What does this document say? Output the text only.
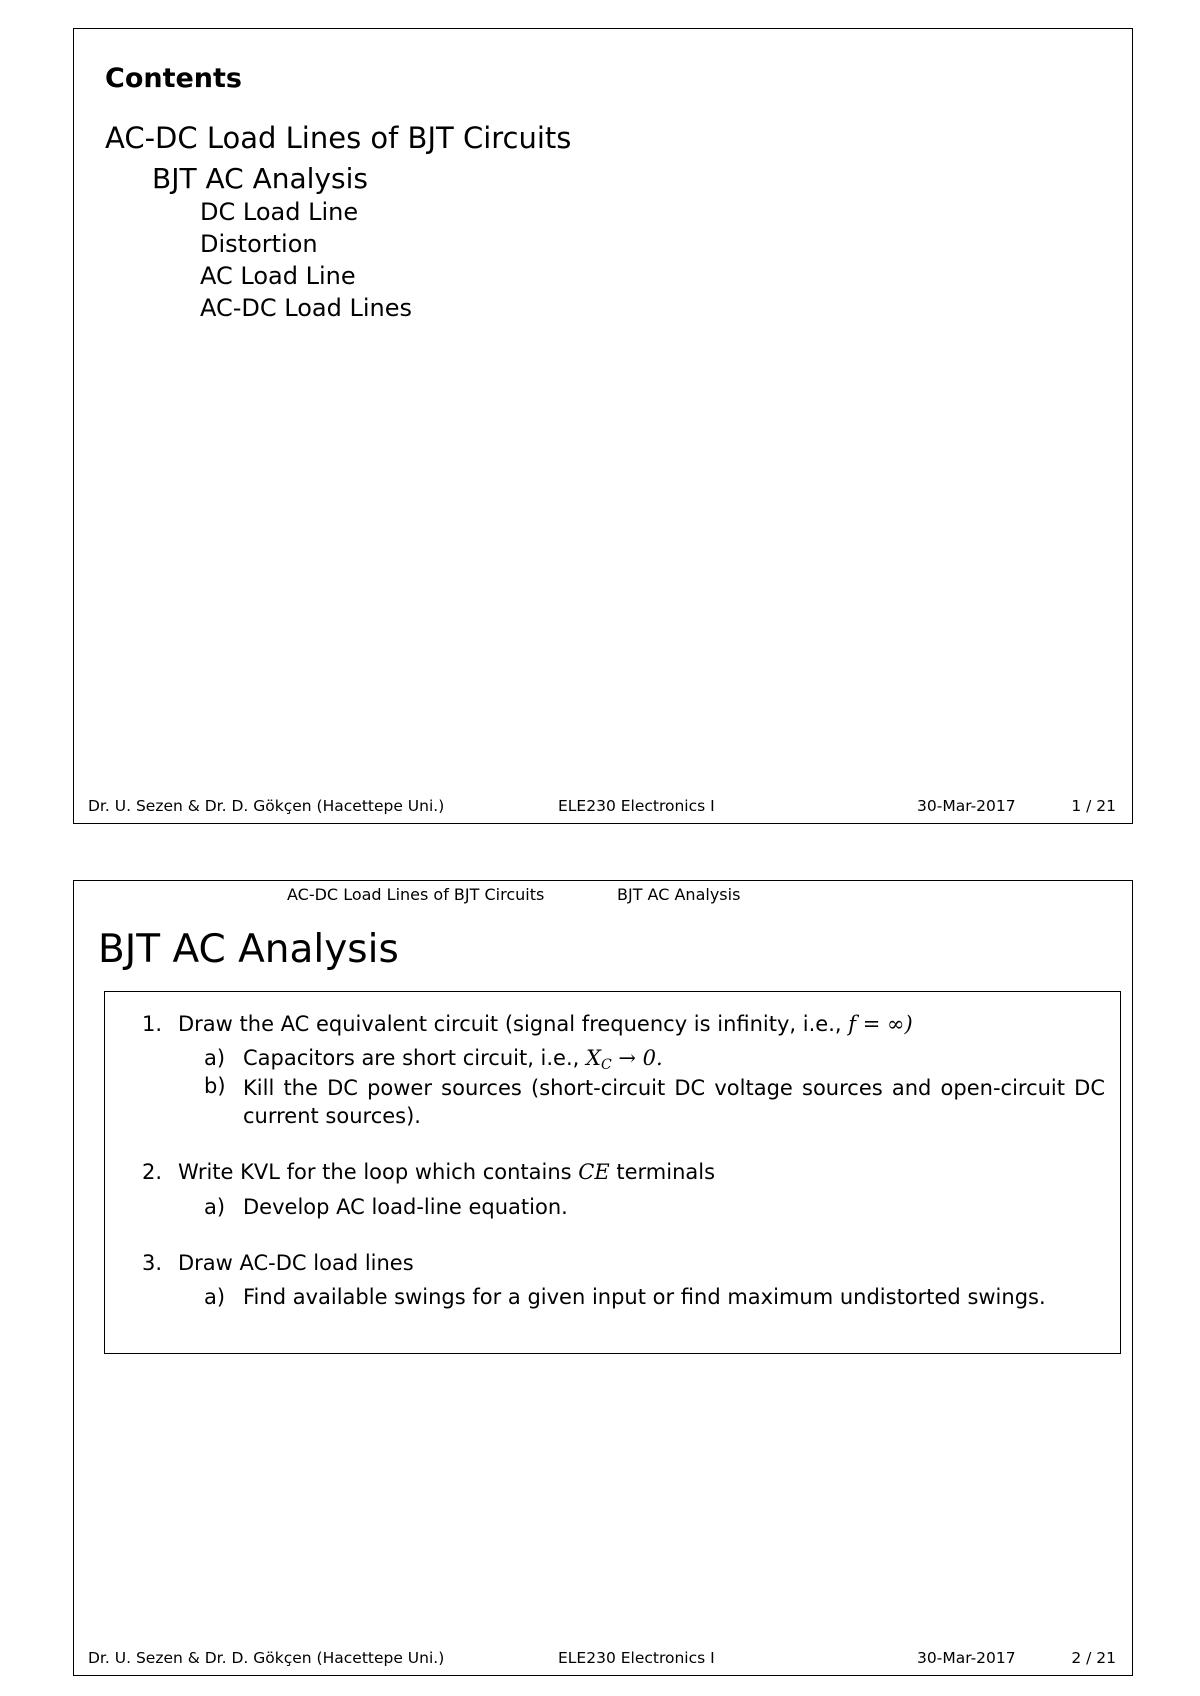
Contents
AC-DC Load Lines of BJT Circuits
BJT AC Analysis
DC Load Line
Distortion
AC Load Line
AC-DC Load Lines
Dr. U. Sezen & Dr. D. Gökçen (Hacettepe Uni.)	ELE230 Electronics I	30-Mar-2017	1 / 21
AC-DC Load Lines of BJT Circuits	BJT AC Analysis
BJT AC Analysis
1. Draw the AC equivalent circuit (signal frequency is infinity, i.e., f = ∞)
a) Capacitors are short circuit, i.e., $X_C \to 0$.
b) Kill the DC power sources (short-circuit DC voltage sources and open-circuit DC current sources).
2. Write KVL for the loop which contains CE terminals
a) Develop AC load-line equation.
3. Draw AC-DC load lines
a) Find available swings for a given input or find maximum undistorted swings.
Dr. U. Sezen & Dr. D. Gökçen (Hacettepe Uni.)	ELE230 Electronics I	30-Mar-2017	2 / 21
